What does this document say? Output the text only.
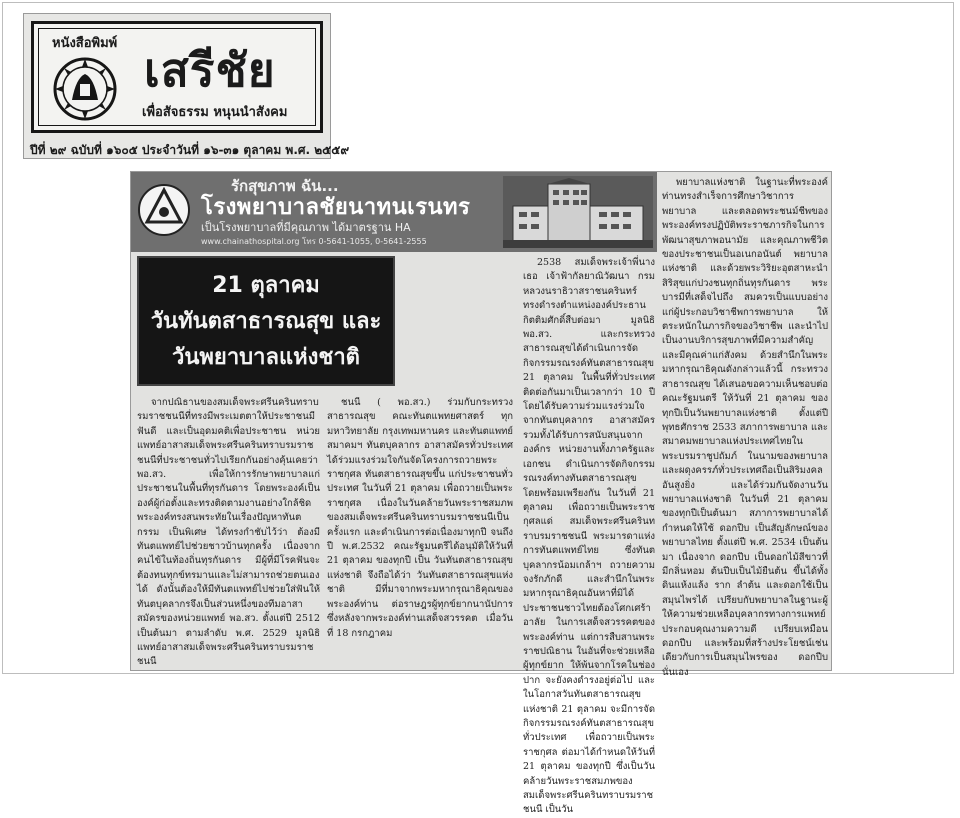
หนังสือพิมพ์ เสรีชัย
เพื่อสัจธรรม หนุนนำสังคม
ปีที่ ๒๙ ฉบับที่ ๑๖๐๕ ประจำวันที่ ๑๖-๓๑ ตุลาคม พ.ศ. ๒๕๕๙
รักสุขภาพ ฉัน...
โรงพยาบาลชัยนาทนเรนทร
เป็นโรงพยาบาลที่มีคุณภาพ ได้มาตรฐาน HA
www.chainathospital.org โทร 0-5641-1055, 0-5641-2555
21 ตุลาคม
วันทันตสาธารณสุข และ
วันพยาบาลแห่งชาติ

จากปณิธานของสมเด็จพระศรีนครินทราบรมราชชนนีที่ทรงมีพระเมตตาให้ประชาชนมีฟันดี และเป็นอุดมคติเพื่อประชาชน หน่วยแพทย์อาสาสมเด็จพระศรีนครินทราบรมราชชนนีที่ประชาชนทั่วไปเรียกกันอย่างคุ้นเคยว่า พอ.สว. เพื่อให้การรักษาพยาบาลแก่ประชาชนในพื้นที่ทุรกันดาร โดยพระองค์เป็นองค์ผู้ก่อตั้งและทรงติดตามงานอย่างใกล้ชิด พระองค์ทรงสนพระทัยในเรื่องปัญหาทันตกรรม เป็นพิเศษ ได้ทรงกำชับไว้ว่า ต้องมีทันตแพทย์ไปช่วยชาวบ้านทุกครั้ง เนื่องจากคนไข้ในท้องถิ่นทุรกันดาร มีผู้ที่มีโรคฟันจะต้องทนทุกข์ทรมานและไม่สามารถช่วยตนเองได้ ดังนั้นต้องให้มีทันตแพทย์ไปช่วยใส่ฟันให้ ทันตบุคลากรจึงเป็นส่วนหนึ่งของทีมอาสาสมัครของหน่วยแพทย์ พอ.สว. ตั้งแต่ปี 2512 เป็นต้นมา ตามลำดับ พ.ศ. 2529 มูลนิธิแพทย์อาสาสมเด็จพระศรีนครินทราบรมราชชนนี

ชนนี ( พอ.สว.) ร่วมกับกระทรวงสาธารณสุข คณะทันตแพทยศาสตร์ ทุกมหาวิทยาลัย กรุงเทพมหานคร และทันตแพทย์ สมาคมฯ ทันตบุคลากร อาสาสมัครทั่วประเทศ ได้ร่วมแรงร่วมใจกันจัดโครงการถวายพระราชกุศล ทันตสาธารณสุขขึ้น แก่ประชาชนทั่วประเทศ ในวันที่ 21 ตุลาคม เพื่อถวายเป็นพระราชกุศล เนื่องในวันคล้ายวันพระราชสมภพของสมเด็จพระศรีนครินทราบรมราชชนนีเป็นครั้งแรก และดำเนินการต่อเนื่องมาทุกปี จนถึงปี พ.ศ.2532 คณะรัฐมนตรีได้อนุมัติให้วันที่ 21 ตุลาคม ของทุกปี เป็น วันทันตสาธารณสุขแห่งชาติ จึงถือได้ว่า วันทันตสาธารณสุขแห่งชาติ มีที่มาจากพระมหากรุณาธิคุณของพระองค์ท่าน ต่อราษฎรผู้ทุกข์ยากนานัปการ ซึ่งหลังจากพระองค์ท่านเสด็จสวรรคต เมื่อวันที่ 18 กรกฎาคม

2538 สมเด็จพระเจ้าพี่นางเธอ เจ้าฟ้ากัลยาณิวัฒนา กรมหลวงนราธิวาสราชนครินทร์ ทรงดำรงตำแหน่งองค์ประธานกิตติมศักดิ์สืบต่อมา มูลนิธิ พอ.สว. และกระทรวงสาธารณสุขได้ดำเนินการจัดกิจกรรมรณรงค์ทันตสาธารณสุข 21 ตุลาคม ในพื้นที่ทั่วประเทศติดต่อกันมาเป็นเวลากว่า 10 ปี โดยได้รับความร่วมแรงร่วมใจจากทันตบุคลากร อาสาสมัคร รวมทั้งได้รับการสนับสนุนจากองค์กร หน่วยงานทั้งภาครัฐและเอกชน ดำเนินการจัดกิจกรรมรณรงค์ทางทันตสาธารณสุข โดยพร้อมเพรียงกัน ในวันที่ 21 ตุลาคม เพื่อถวายเป็นพระราชกุศลแด่ สมเด็จพระศรีนครินทราบรมราชชนนี พระมารดาแห่งการทันตแพทย์ไทย ซึ่งทันตบุคลากรน้อมเกล้าฯ ถวายความจงรักภักดี และสำนึกในพระมหากรุณาธิคุณอันหาที่มิได้ ประชาชนชาวไทยต้องโศกเศร้าอาลัย ในการเสด็จสวรรคตของพระองค์ท่าน แต่การสืบสานพระราชปณิธาน ในอันที่จะช่วยเหลือผู้ทุกข์ยาก ให้พ้นจากโรคในช่องปาก จะยังคงดำรงอยู่ต่อไป และในโอกาสวันทันตสาธารณสุขแห่งชาติ 21 ตุลาคม จะมีการจัดกิจกรรมรณรงค์ทันตสาธารณสุขทั่วประเทศ เพื่อถวายเป็นพระราชกุศล ต่อมาได้กำหนดให้วันที่ 21 ตุลาคม ของทุกปี ซึ่งเป็นวันคล้ายวันพระราชสมภพของสมเด็จพระศรีนครินทราบรมราชชนนี เป็นวัน

พยาบาลแห่งชาติ ในฐานะที่พระองค์ท่านทรงสำเร็จการศึกษาวิชาการพยาบาล และตลอดพระชนม์ชีพของพระองค์ทรงปฏิบัติพระราชภารกิจในการพัฒนาสุขภาพอนามัย และคุณภาพชีวิตของประชาชนเป็นอเนกอนันต์ พยาบาลแห่งชาติ และด้วยพระวิริยะอุตสาหะนำสิริสุขแก่ปวงชนทุกถิ่นทุรกันดาร พระบารมีที่เสด็จไปถึง สมควรเป็นแบบอย่างแก่ผู้ประกอบวิชาชีพการพยาบาล ให้ตระหนักในภารกิจของวิชาชีพ และนำไปเป็นงานบริการสุขภาพที่มีความสำคัญ และมีคุณค่าแก่สังคม ด้วยสำนึกในพระมหากรุณาธิคุณดังกล่าวแล้วนี้ กระทรวงสาธารณสุข ได้เสนอขอความเห็นชอบต่อคณะรัฐมนตรี ให้วันที่ 21 ตุลาคม ของทุกปีเป็นวันพยาบาลแห่งชาติ ตั้งแต่ปีพุทธศักราช 2533 สภาการพยาบาล และสมาคมพยาบาลแห่งประเทศไทยในพระบรมราชูปถัมภ์ ในนามของพยาบาลและผดุงครรภ์ทั่วประเทศถือเป็นสิริมงคลอันสูงยิ่ง และได้ร่วมกันจัดงานวันพยาบาลแห่งชาติ ในวันที่ 21 ตุลาคม ของทุกปีเป็นต้นมา สภาการพยาบาลได้กำหนดให้ใช้ ดอกปีบ เป็นสัญลักษณ์ของพยาบาลไทย ตั้งแต่ปี พ.ศ. 2534 เป็นต้นมา เนื่องจาก ดอกปีบ เป็นดอกไม้สีขาวที่มีกลิ่นหอม ต้นปีบเป็นไม้ยืนต้น ขึ้นได้ทั้งดินแห้งแล้ง ราก ลำต้น และดอกใช้เป็นสมุนไพรได้ เปรียบกับพยาบาลในฐานะผู้ให้ความช่วยเหลือบุคลากรทางการแพทย์ประกอบคุณงามความดี เปรียบเหมือนดอกปีบ และพร้อมที่สร้างประโยชน์เช่นเดียวกับการเป็นสมุนไพรของ ดอกปีบ นั่นเอง
